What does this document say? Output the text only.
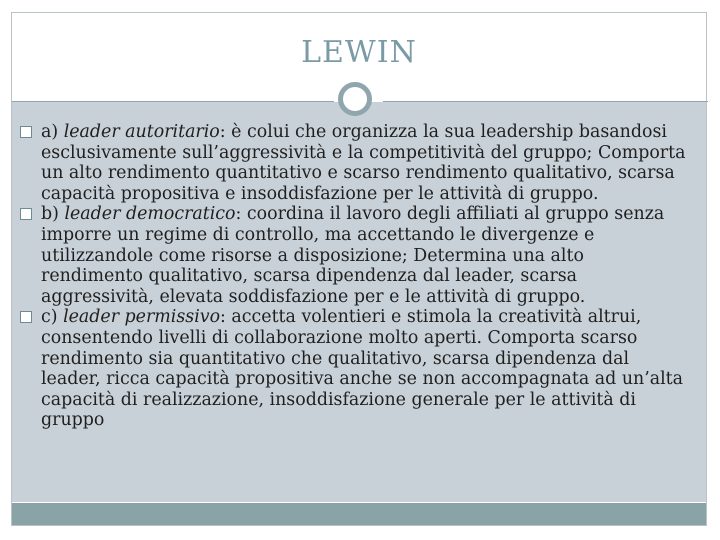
LEWIN
a) leader autoritario: è colui che organizza la sua leadership basandosi esclusivamente sull’aggressività e la competitività del gruppo; Comporta un alto rendimento quantitativo e scarso rendimento qualitativo, scarsa capacità propositiva e insoddisfazione per le attività di gruppo.
b) leader democratico: coordina il lavoro degli affiliati al gruppo senza imporre un regime di controllo, ma accettando le divergenze e utilizzandole come risorse a disposizione; Determina una alto rendimento qualitativo, scarsa dipendenza dal leader, scarsa aggressività, elevata soddisfazione per e le attività di gruppo.
c) leader permissivo: accetta volentieri e stimola la creatività altrui, consentendo livelli di collaborazione molto aperti. Comporta scarso rendimento sia quantitativo che qualitativo, scarsa dipendenza dal leader, ricca capacità propositiva anche se non accompagnata ad un’alta capacità di realizzazione, insoddisfazione generale per le attività di gruppo
